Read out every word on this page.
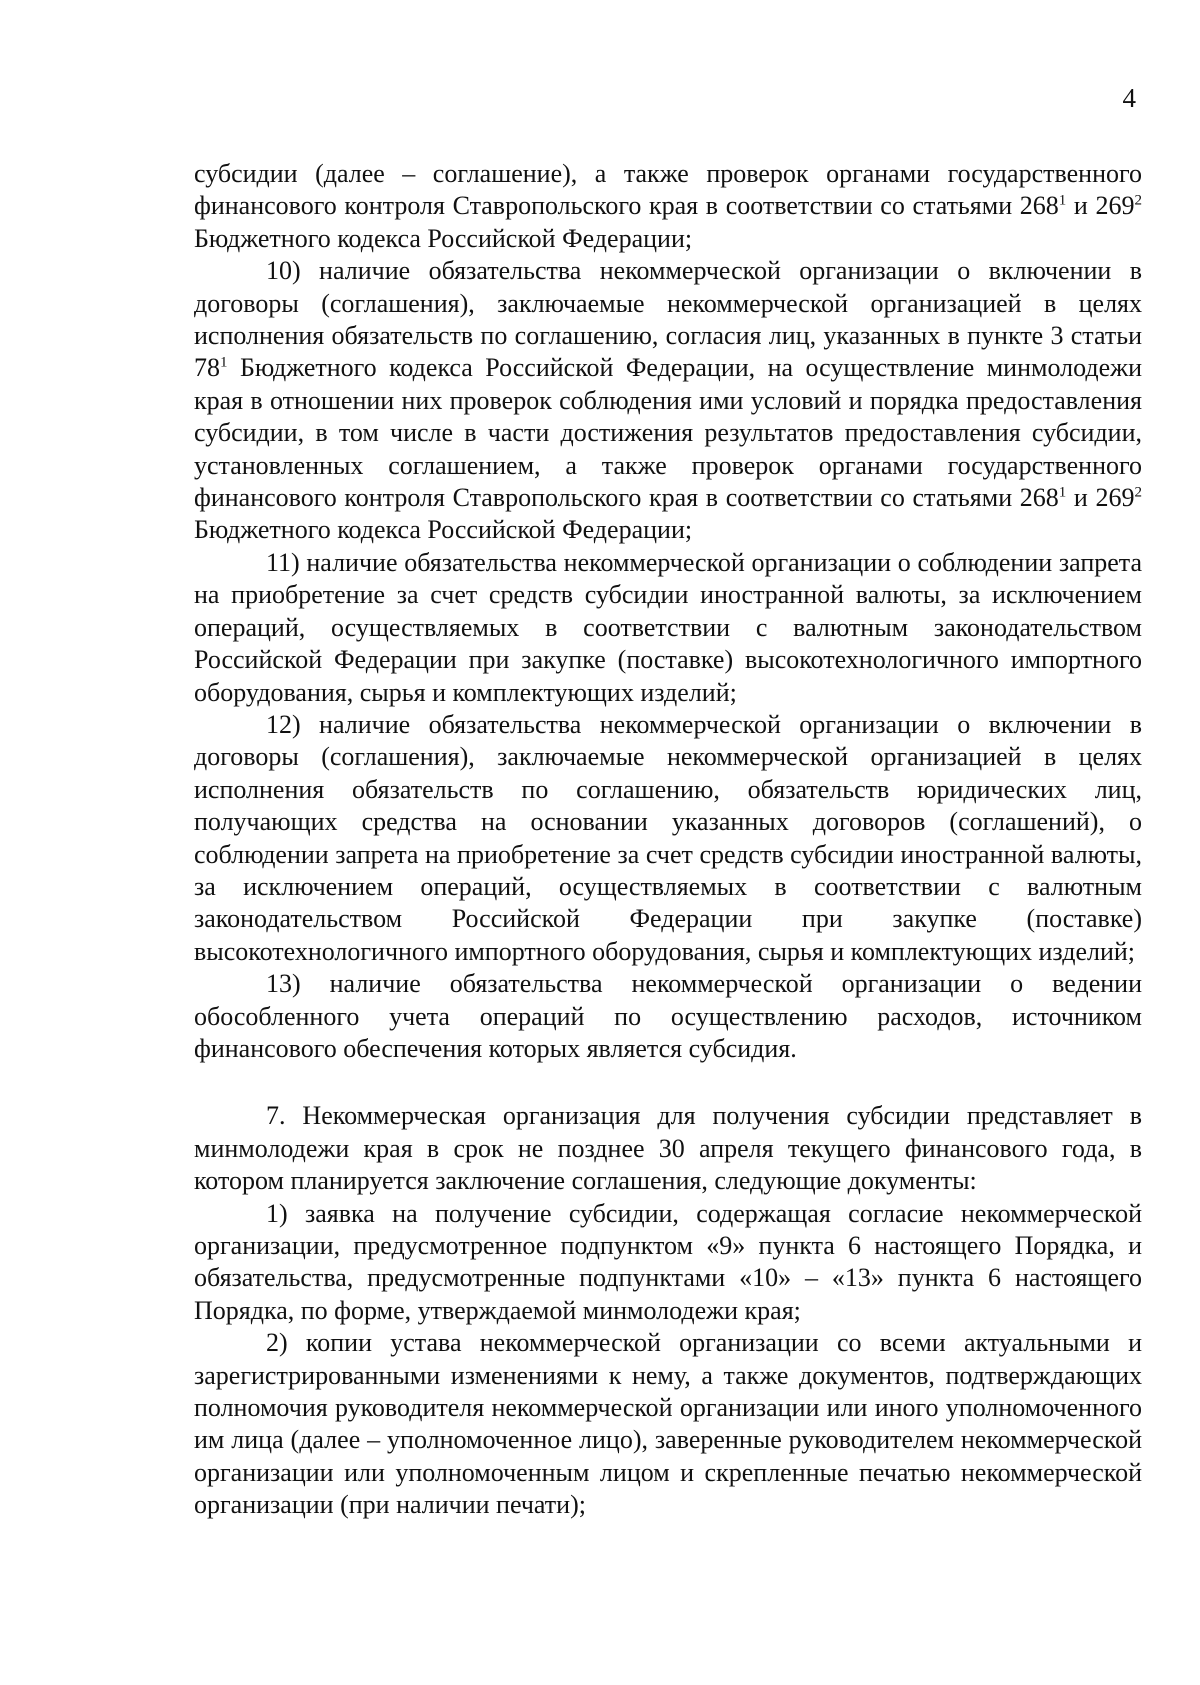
4

субсидии (далее – соглашение), а также проверок органами государственного финансового контроля Ставропольского края в соответствии со статьями $268^1$ и $269^2$ Бюджетного кодекса Российской Федерации;

10) наличие обязательства некоммерческой организации о включении в договоры (соглашения), заключаемые некоммерческой организацией в целях исполнения обязательств по соглашению, согласия лиц, указанных в пункте 3 статьи $78^1$ Бюджетного кодекса Российской Федерации, на осуществление минмолодежи края в отношении них проверок соблюдения ими условий и порядка предоставления субсидии, в том числе в части достижения результатов предоставления субсидии, установленных соглашением, а также проверок органами государственного финансового контроля Ставропольского края в соответствии со статьями $268^1$ и $269^2$ Бюджетного кодекса Российской Федерации;

11) наличие обязательства некоммерческой организации о соблюдении запрета на приобретение за счет средств субсидии иностранной валюты, за исключением операций, осуществляемых в соответствии с валютным законодательством Российской Федерации при закупке (поставке) высокотехнологичного импортного оборудования, сырья и комплектующих изделий;

12) наличие обязательства некоммерческой организации о включении в договоры (соглашения), заключаемые некоммерческой организацией в целях исполнения обязательств по соглашению, обязательств юридических лиц, получающих средства на основании указанных договоров (соглашений), о соблюдении запрета на приобретение за счет средств субсидии иностранной валюты, за исключением операций, осуществляемых в соответствии с валютным законодательством Российской Федерации при закупке (поставке) высокотехнологичного импортного оборудования, сырья и комплектующих изделий;

13) наличие обязательства некоммерческой организации о ведении обособленного учета операций по осуществлению расходов, источником финансового обеспечения которых является субсидия.

7. Некоммерческая организация для получения субсидии представляет в минмолодежи края в срок не позднее 30 апреля текущего финансового года, в котором планируется заключение соглашения, следующие документы:

1) заявка на получение субсидии, содержащая согласие некоммерческой организации, предусмотренное подпунктом «9» пункта 6 настоящего Порядка, и обязательства, предусмотренные подпунктами «10» – «13» пункта 6 настоящего Порядка, по форме, утверждаемой минмолодежи края;

2) копии устава некоммерческой организации со всеми актуальными и зарегистрированными изменениями к нему, а также документов, подтверждающих полномочия руководителя некоммерческой организации или иного уполномоченного им лица (далее – уполномоченное лицо), заверенные руководителем некоммерческой организации или уполномоченным лицом и скрепленные печатью некоммерческой организации (при наличии печати);
